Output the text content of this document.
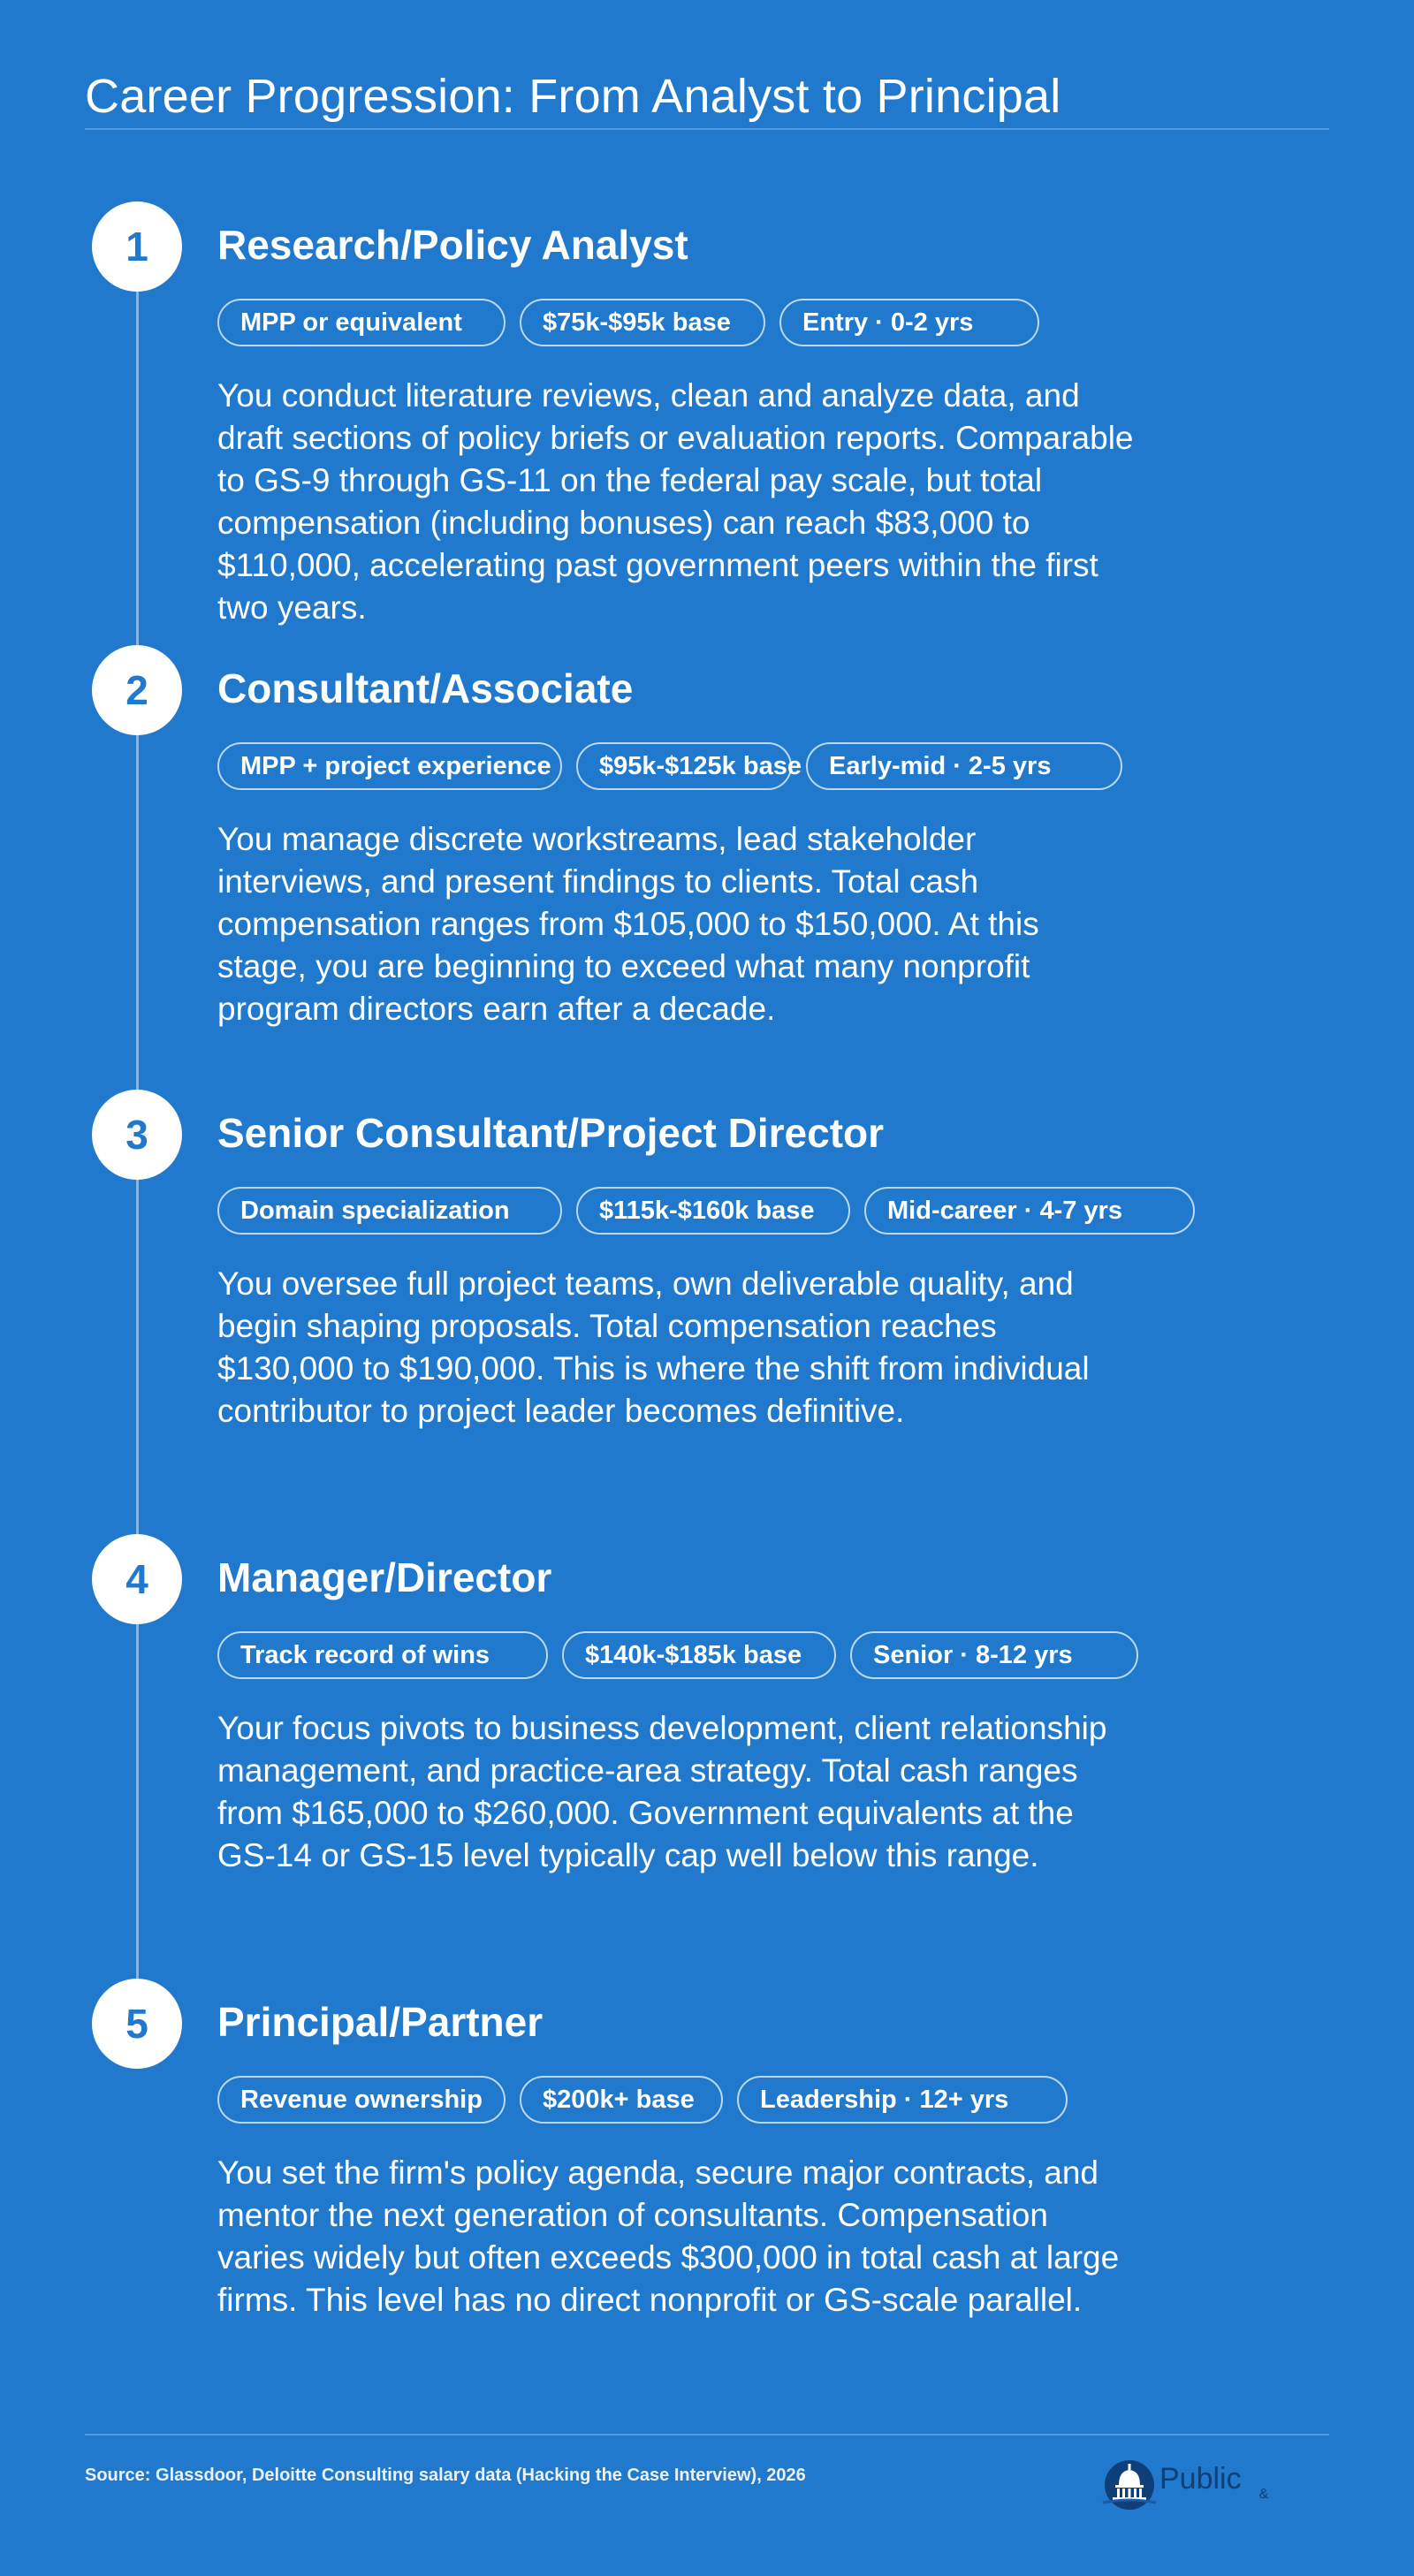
Career Progression: From Analyst to Principal
1	Research/Policy Analyst
MPP or equivalent	$75k-$95k base	Entry · 0-2 yrs

You conduct literature reviews, clean and analyze data, and draft sections of policy briefs or evaluation reports. Comparable to GS-9 through GS-11 on the federal pay scale, but total compensation (including bonuses) can reach $83,000 to $110,000, accelerating past government peers within the first two years.

2	Consultant/Associate
MPP + project experience	$95k-$125k base	Early-mid · 2-5 yrs

You manage discrete workstreams, lead stakeholder interviews, and present findings to clients. Total cash compensation ranges from $105,000 to $150,000. At this stage, you are beginning to exceed what many nonprofit program directors earn after a decade.

3	Senior Consultant/Project Director
Domain specialization	$115k-$160k base	Mid-career · 4-7 yrs

You oversee full project teams, own deliverable quality, and begin shaping proposals. Total compensation reaches $130,000 to $190,000. This is where the shift from individual contributor to project leader becomes definitive.

4	Manager/Director
Track record of wins	$140k-$185k base	Senior · 8-12 yrs

Your focus pivots to business development, client relationship management, and practice-area strategy. Total cash ranges from $165,000 to $260,000. Government equivalents at the GS-14 or GS-15 level typically cap well below this range.

5	Principal/Partner
Revenue ownership	$200k+ base	Leadership · 12+ yrs

You set the firm's policy agenda, secure major contracts, and mentor the next generation of consultants. Compensation varies widely but often exceeds $300,000 in total cash at large firms. This level has no direct nonprofit or GS-scale parallel.

Source: Glassdoor, Deloitte Consulting salary data (Hacking the Case Interview), 2026	Public &
